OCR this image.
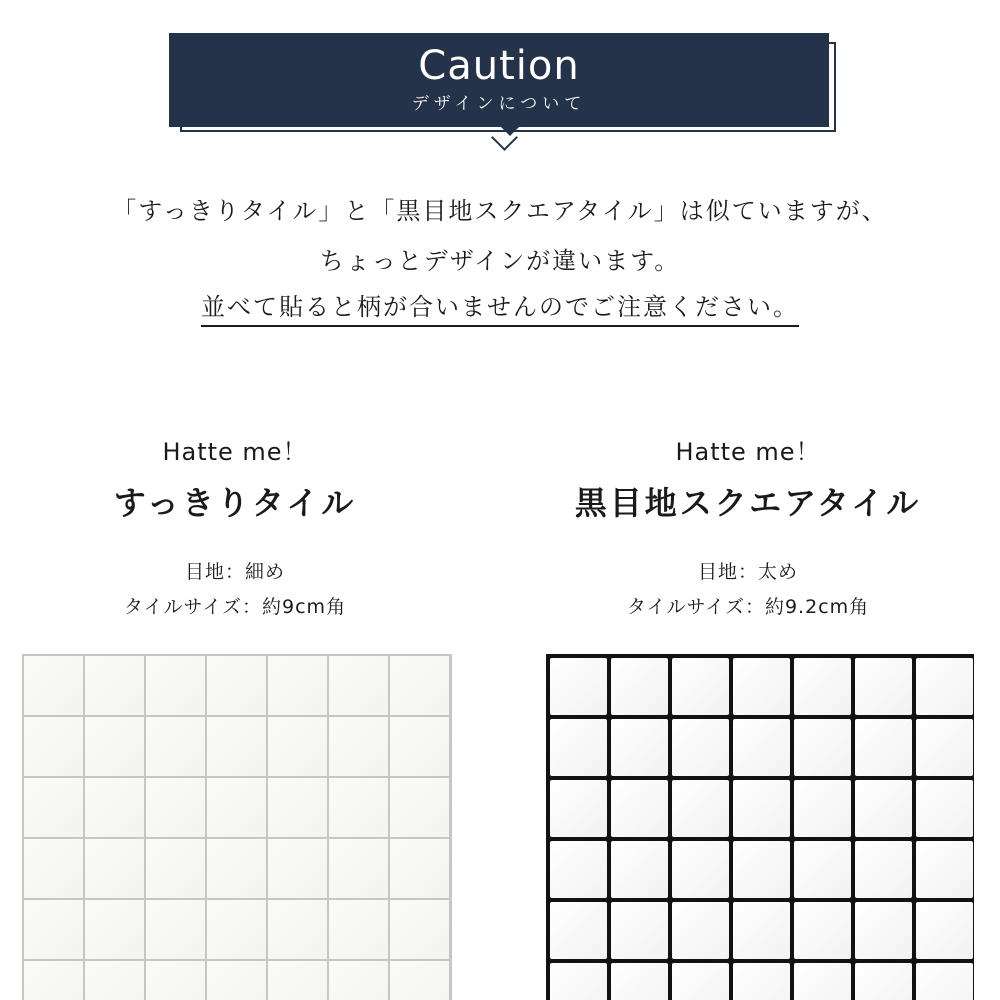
Caution
デザインについて
「すっきりタイル」と「黒目地スクエアタイル」は似ていますが、
ちょっとデザインが違います。
並べて貼ると柄が合いませんのでご注意ください。
Hatte me！
すっきりタイル
目地：細め
タイルサイズ：約9cm角
Hatte me！
黒目地スクエアタイル
目地：太め
タイルサイズ：約9.2cm角
